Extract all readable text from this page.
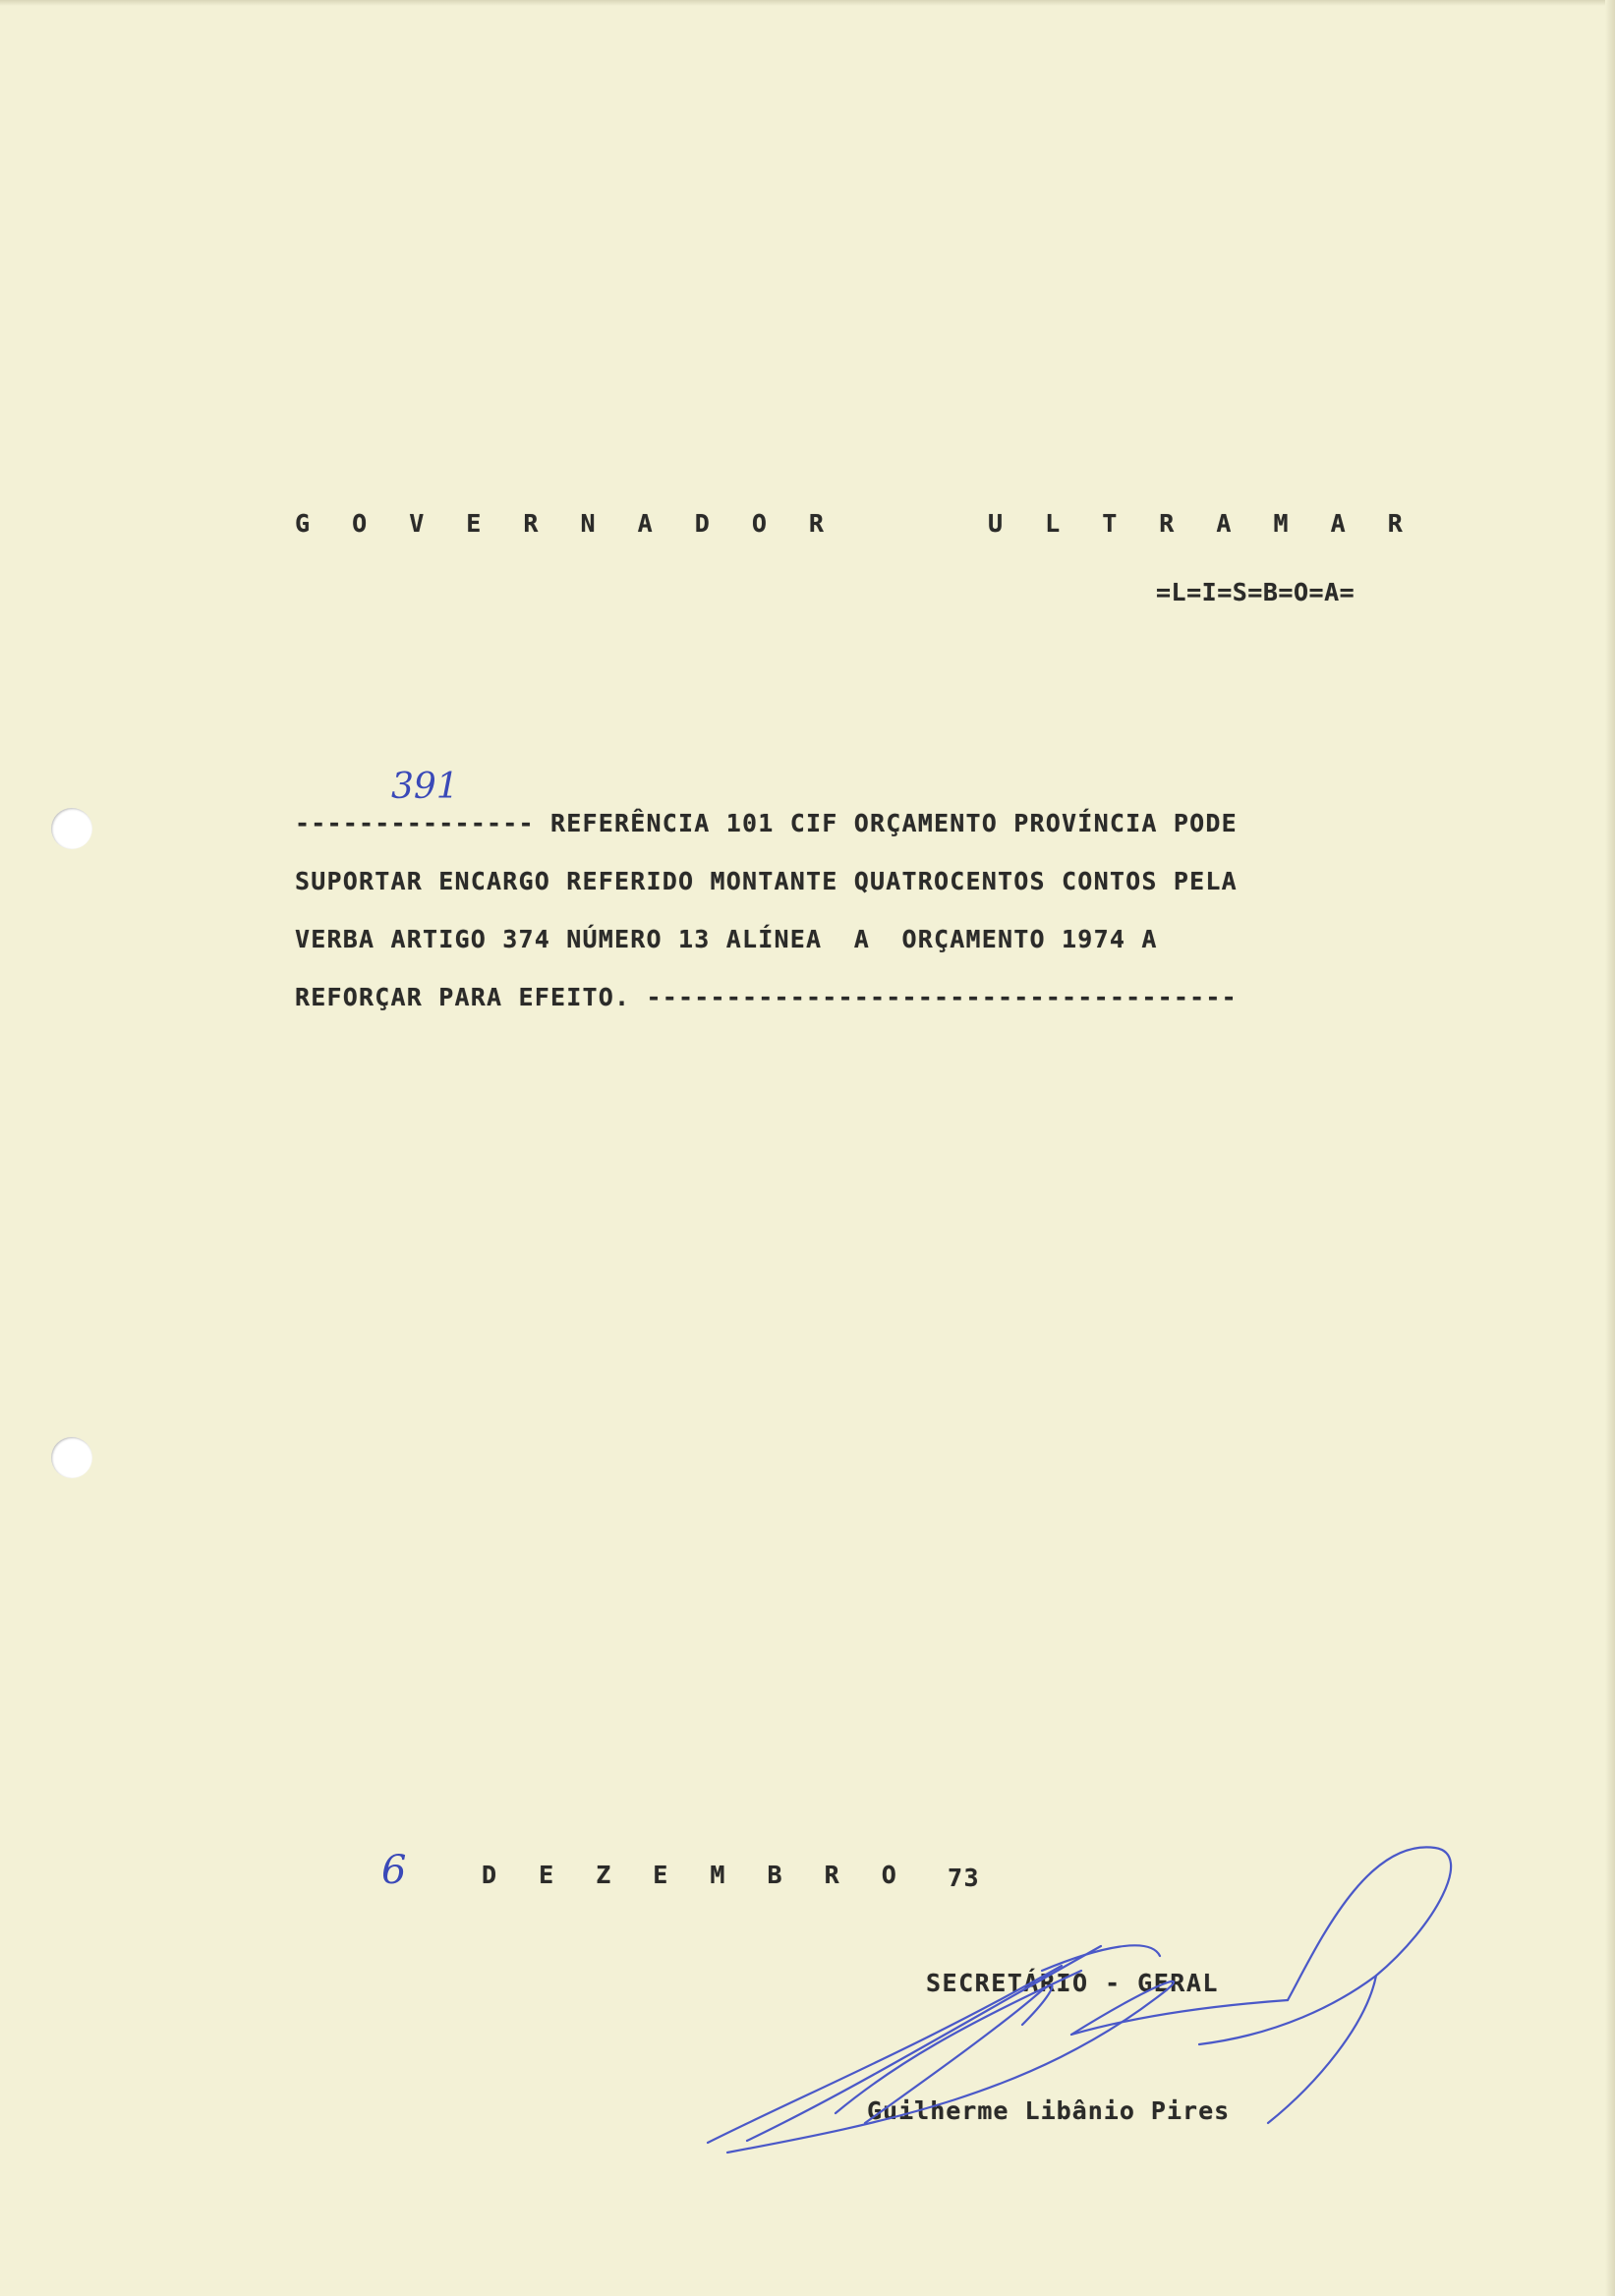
G O V E R N A D O R	U L T R A M A R
=L=I=S=B=O=A=
391
--------------- REFERÊNCIA 101 CIF ORÇAMENTO PROVÍNCIA PODE
SUPORTAR ENCARGO REFERIDO MONTANTE QUATROCENTOS CONTOS PELA
VERBA ARTIGO 374 NÚMERO 13 ALÍNEA  A  ORÇAMENTO 1974 A
REFORÇAR PARA EFEITO. -------------------------------------
6	D E Z E M B R O 73
SECRETÁRIO - GERAL
Guilherme Libânio Pires
